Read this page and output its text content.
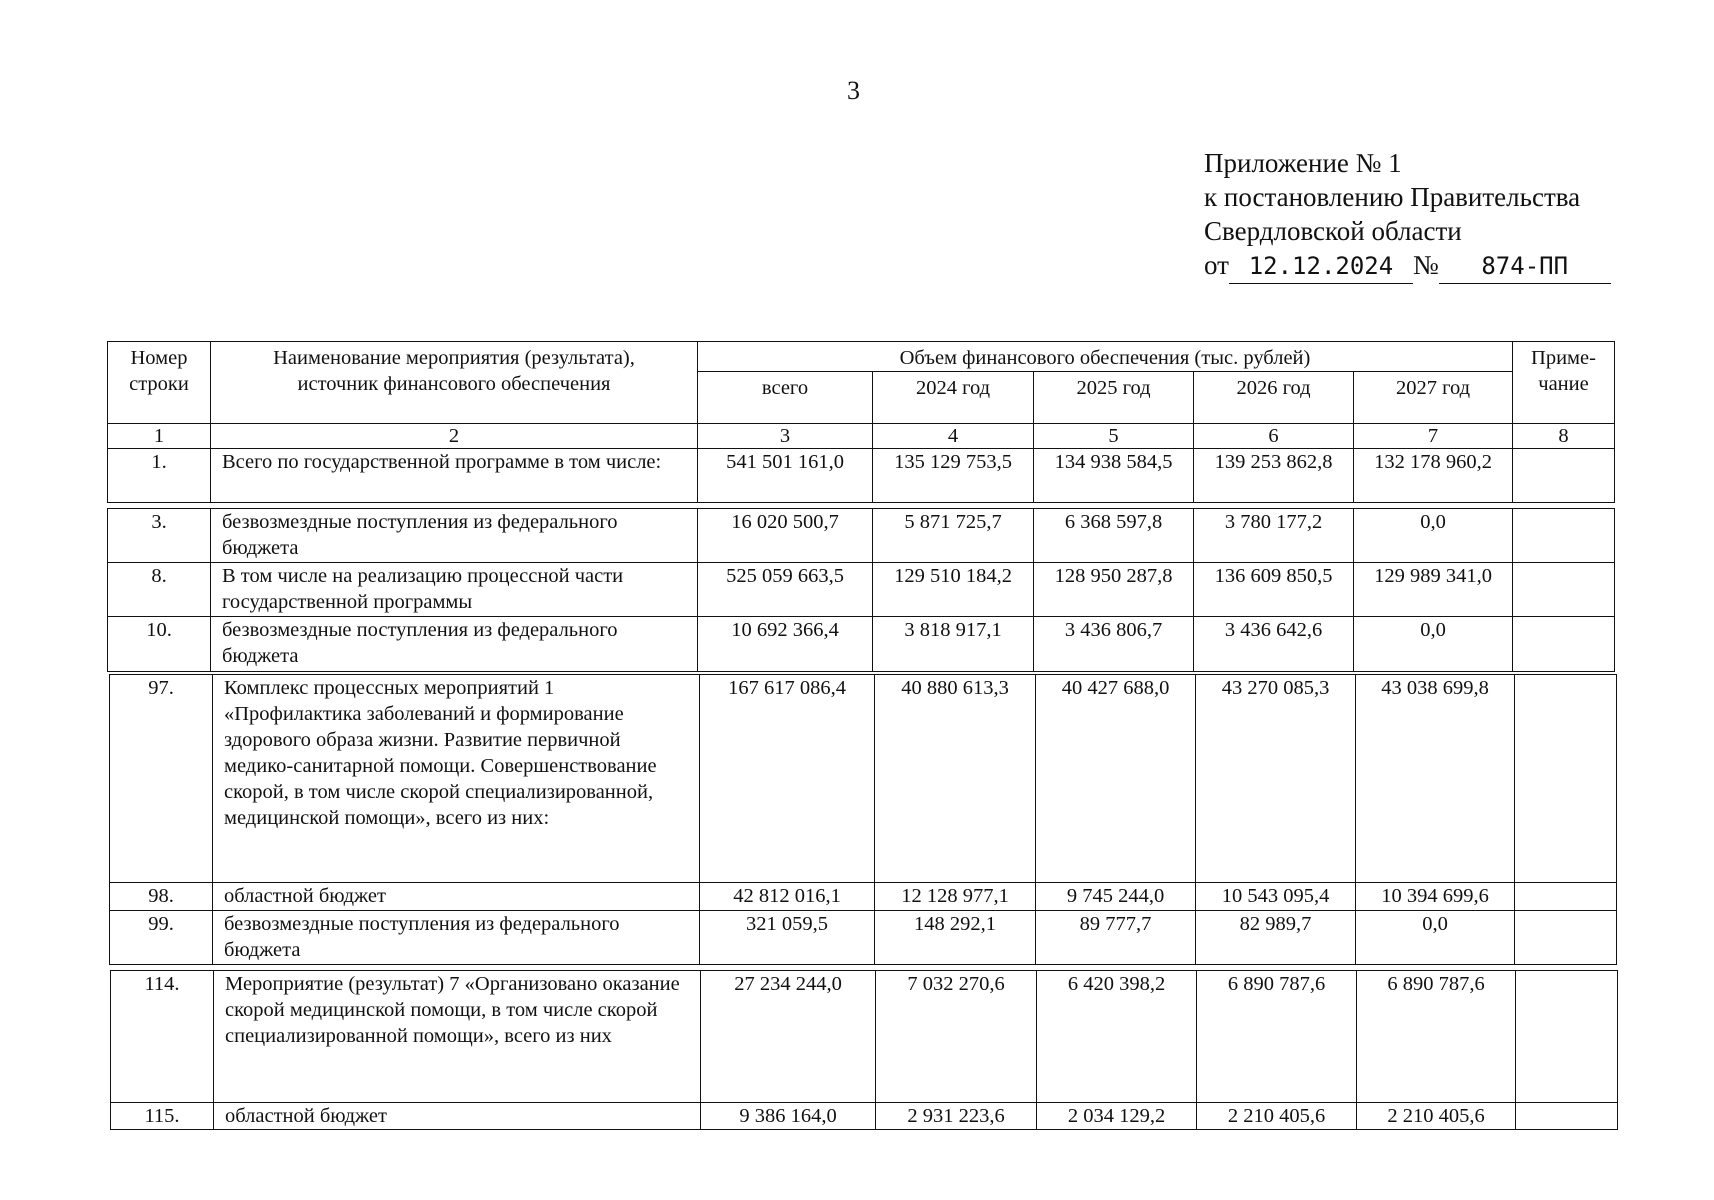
3
Приложение № 1
к постановлению Правительства
Свердловской области
от 12.12.2024 № 874-ПП
Номер строки	Наименование мероприятия (результата), источник финансового обеспечения	Объем финансового обеспечения (тыс. рублей)					Приме- чание
		всего	2024 год	2025 год	2026 год	2027 год	
1	2	3	4	5	6	7	8
1.	Всего по государственной программе в том числе:	541 501 161,0	135 129 753,5	134 938 584,5	139 253 862,8	132 178 960,2	
3.	безвозмездные поступления из федерального бюджета	16 020 500,7	5 871 725,7	6 368 597,8	3 780 177,2	0,0	
8.	В том числе на реализацию процессной части государственной программы	525 059 663,5	129 510 184,2	128 950 287,8	136 609 850,5	129 989 341,0	
10.	безвозмездные поступления из федерального бюджета	10 692 366,4	3 818 917,1	3 436 806,7	3 436 642,6	0,0	
97.	Комплекс процессных мероприятий 1 «Профилактика заболеваний и формирование здорового образа жизни. Развитие первичной медико-санитарной помощи. Совершенствование скорой, в том числе скорой специализированной, медицинской помощи», всего из них:	167 617 086,4	40 880 613,3	40 427 688,0	43 270 085,3	43 038 699,8	
98.	областной бюджет	42 812 016,1	12 128 977,1	9 745 244,0	10 543 095,4	10 394 699,6	
99.	безвозмездные поступления из федерального бюджета	321 059,5	148 292,1	89 777,7	82 989,7	0,0	
114.	Мероприятие (результат) 7 «Организовано оказание скорой медицинской помощи, в том числе скорой специализированной помощи», всего из них	27 234 244,0	7 032 270,6	6 420 398,2	6 890 787,6	6 890 787,6	
115.	областной бюджет	9 386 164,0	2 931 223,6	2 034 129,2	2 210 405,6	2 210 405,6	
